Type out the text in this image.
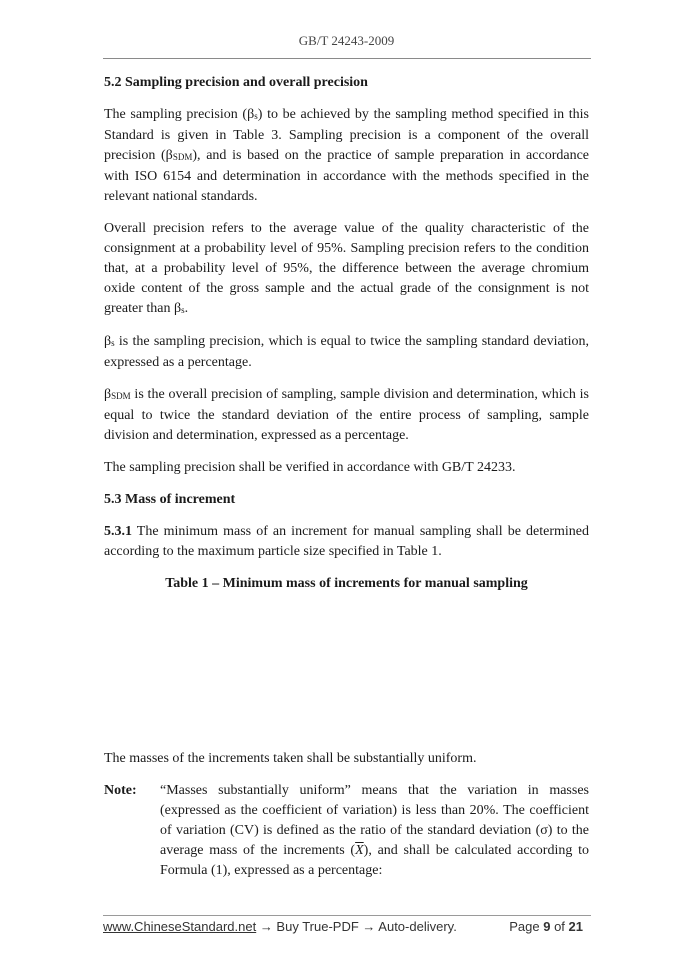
GB/T 24243-2009

5.2 Sampling precision and overall precision

The sampling precision (βs) to be achieved by the sampling method specified in this Standard is given in Table 3. Sampling precision is a component of the overall precision (βSDM), and is based on the practice of sample preparation in accordance with ISO 6154 and determination in accordance with the methods specified in the relevant national standards.

Overall precision refers to the average value of the quality characteristic of the consignment at a probability level of 95%. Sampling precision refers to the condition that, at a probability level of 95%, the difference between the average chromium oxide content of the gross sample and the actual grade of the consignment is not greater than βs.

βs is the sampling precision, which is equal to twice the sampling standard deviation, expressed as a percentage.

βSDM is the overall precision of sampling, sample division and determination, which is equal to twice the standard deviation of the entire process of sampling, sample division and determination, expressed as a percentage.

The sampling precision shall be verified in accordance with GB/T 24233.

5.3 Mass of increment

5.3.1 The minimum mass of an increment for manual sampling shall be determined according to the maximum particle size specified in Table 1.

Table 1 – Minimum mass of increments for manual sampling

The masses of the increments taken shall be substantially uniform.

Note:	“Masses substantially uniform” means that the variation in masses (expressed as the coefficient of variation) is less than 20%. The coefficient of variation (CV) is defined as the ratio of the standard deviation (σ) to the average mass of the increments $(\overline{X})$, and shall be calculated according to Formula (1), expressed as a percentage:
www.ChineseStandard.net → Buy True-PDF → Auto-delivery.	Page 9 of 21
